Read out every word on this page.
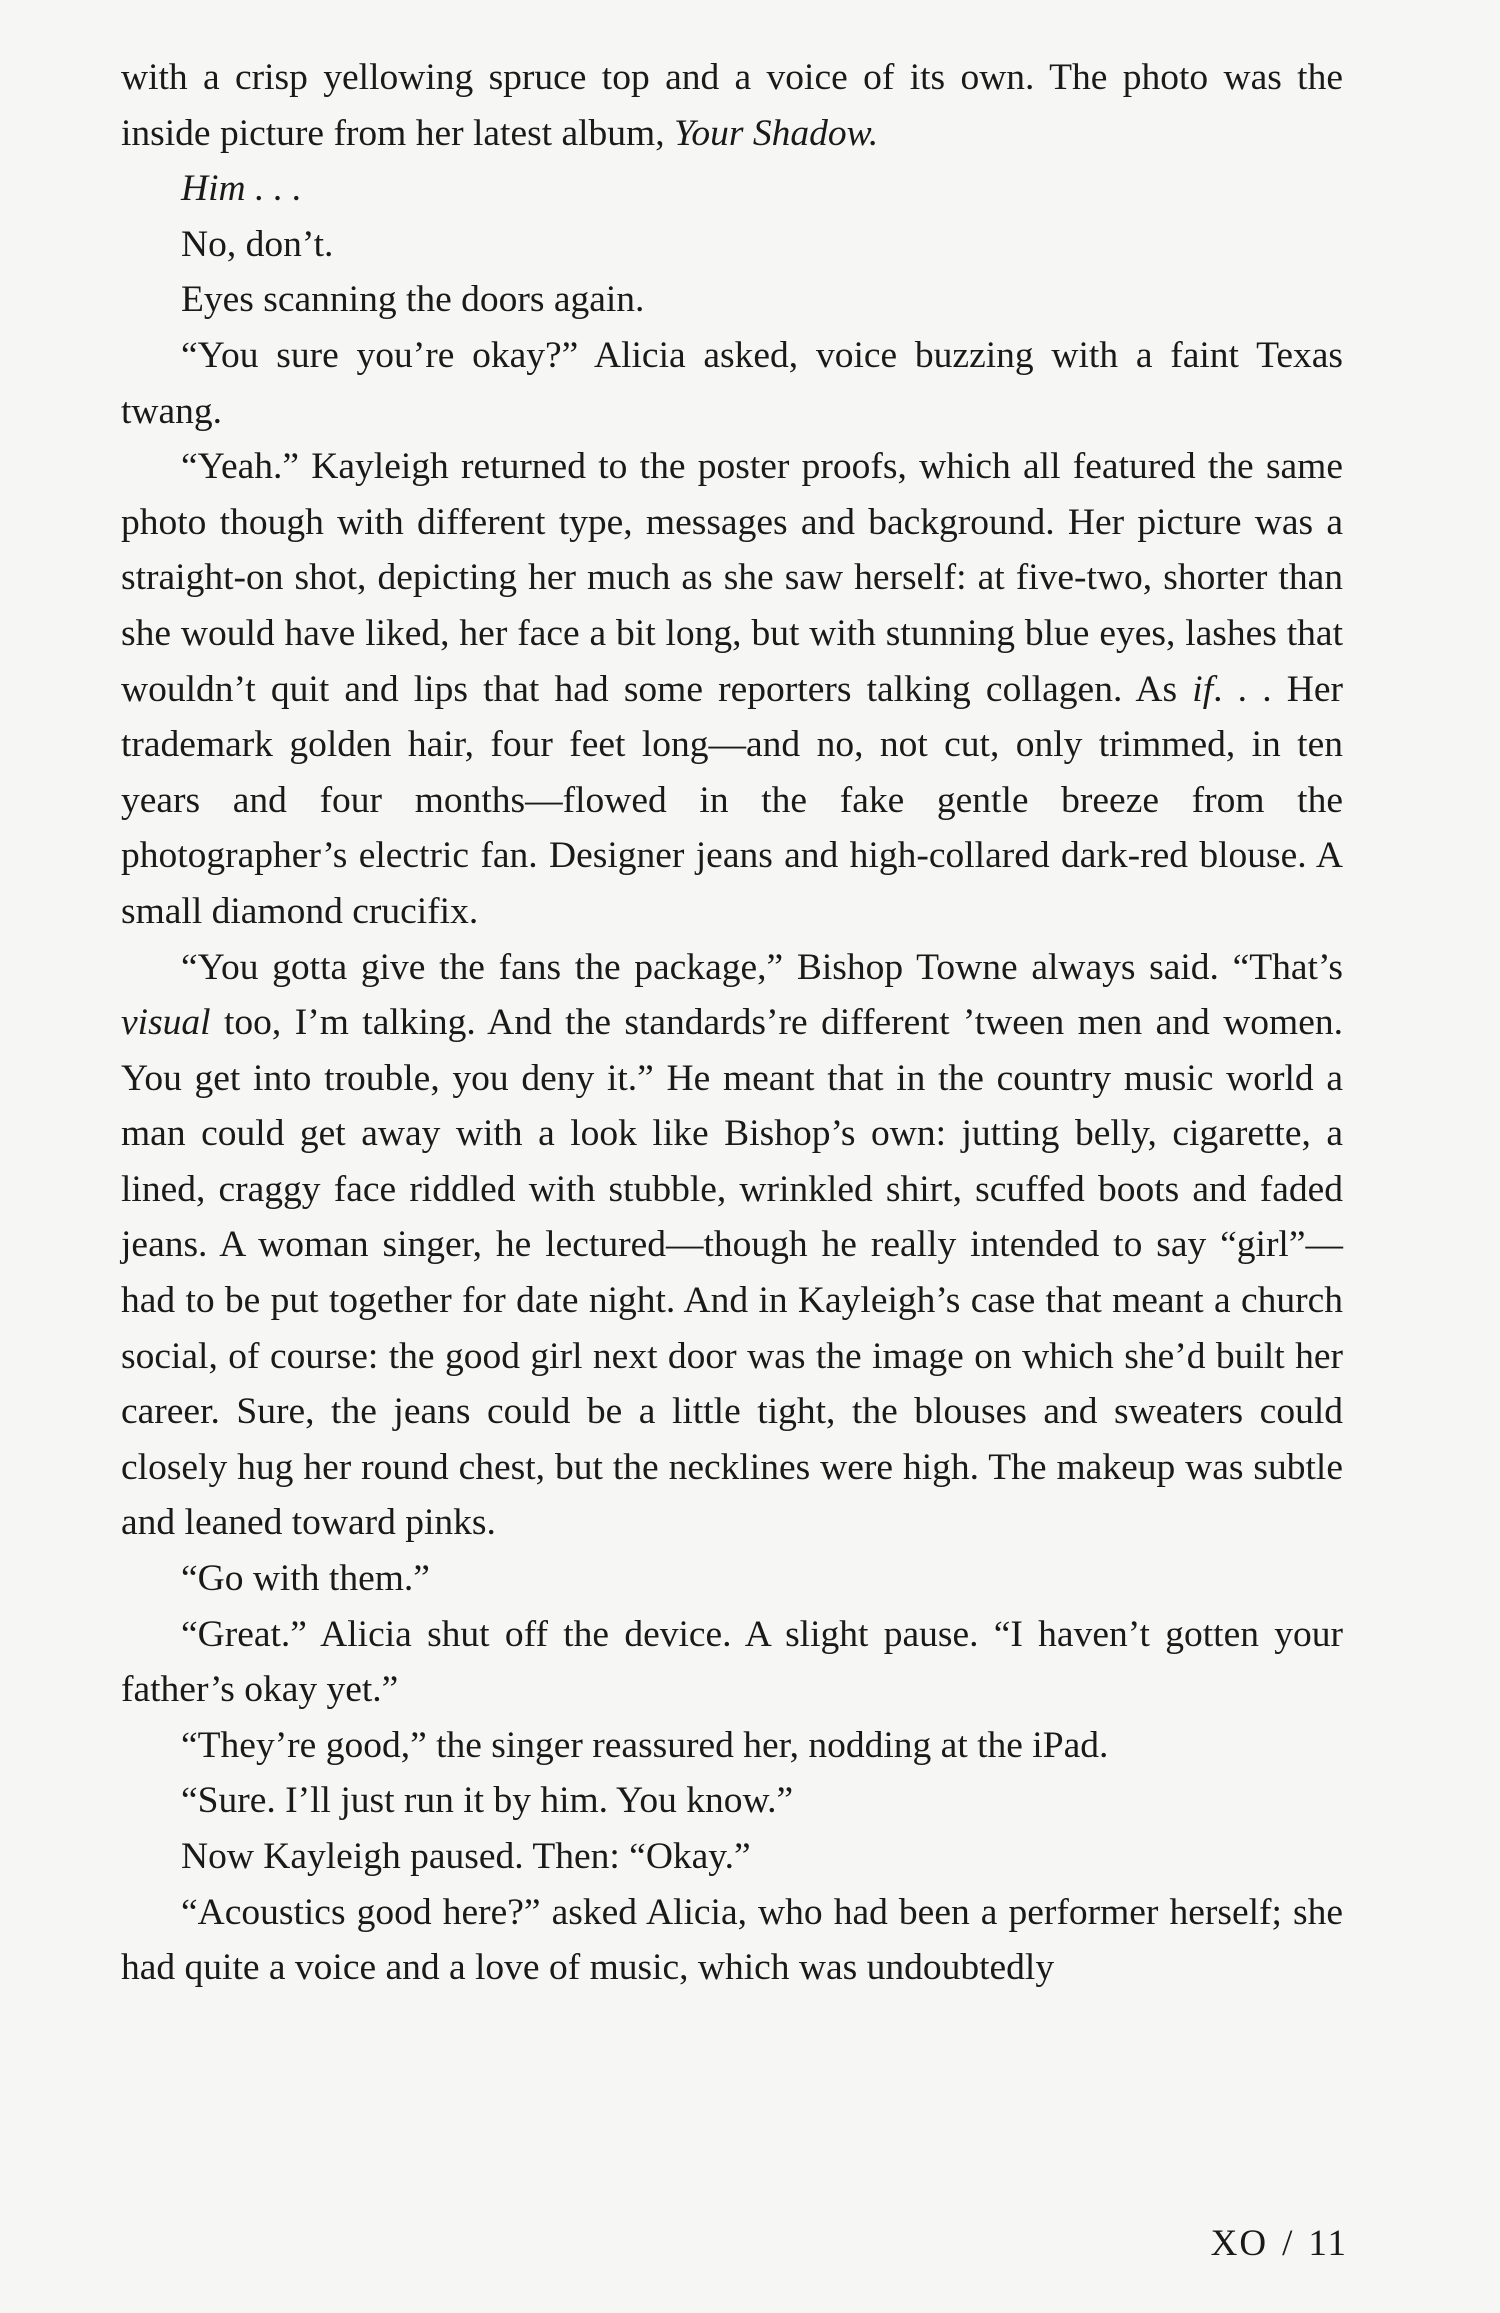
with a crisp yellowing spruce top and a voice of its own. The photo was the inside picture from her latest album, Your Shadow.

Him . . .

No, don’t.

Eyes scanning the doors again.

“You sure you’re okay?” Alicia asked, voice buzzing with a faint Texas twang.

“Yeah.” Kayleigh returned to the poster proofs, which all featured the same photo though with different type, messages and background. Her picture was a straight-on shot, depicting her much as she saw herself: at five-two, shorter than she would have liked, her face a bit long, but with stunning blue eyes, lashes that wouldn’t quit and lips that had some reporters talking collagen. As if. . . Her trademark golden hair, four feet long—and no, not cut, only trimmed, in ten years and four months—flowed in the fake gentle breeze from the photographer’s electric fan. Designer jeans and high-collared dark-red blouse. A small diamond crucifix.

“You gotta give the fans the package,” Bishop Towne always said. “That’s visual too, I’m talking. And the standards’re different ’tween men and women. You get into trouble, you deny it.” He meant that in the country music world a man could get away with a look like Bishop’s own: jutting belly, cigarette, a lined, craggy face riddled with stubble, wrinkled shirt, scuffed boots and faded jeans. A woman singer, he lectured—though he really intended to say “girl”—had to be put together for date night. And in Kayleigh’s case that meant a church social, of course: the good girl next door was the image on which she’d built her career. Sure, the jeans could be a little tight, the blouses and sweaters could closely hug her round chest, but the necklines were high. The makeup was subtle and leaned toward pinks.

“Go with them.”

“Great.” Alicia shut off the device. A slight pause. “I haven’t gotten your father’s okay yet.”

“They’re good,” the singer reassured her, nodding at the iPad.

“Sure. I’ll just run it by him. You know.”

Now Kayleigh paused. Then: “Okay.”

“Acoustics good here?” asked Alicia, who had been a performer herself; she had quite a voice and a love of music, which was undoubtedly

XO / 11
